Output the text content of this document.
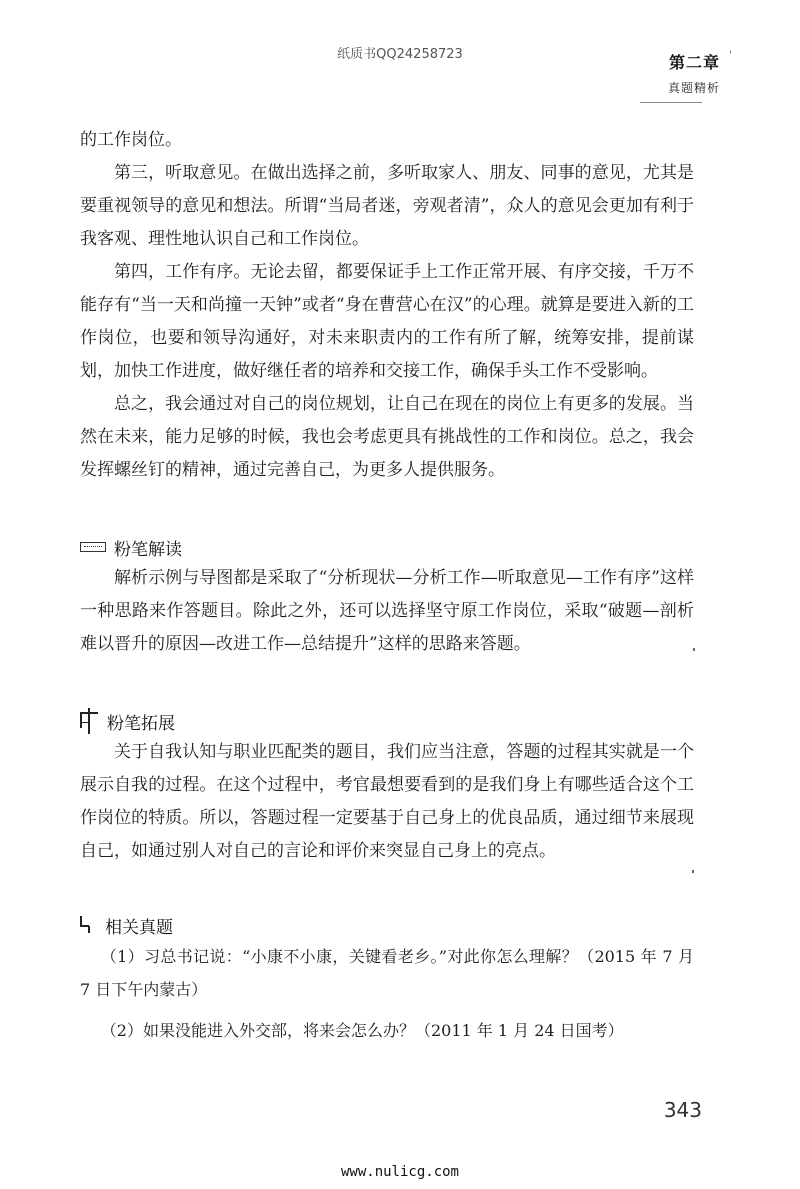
纸质书QQ24258723	第二章 '
真题精析

的工作岗位。

第三，听取意见。在做出选择之前，多听取家人、朋友、同事的意见，尤其是要重视领导的意见和想法。所谓“当局者迷，旁观者清”，众人的意见会更加有利于我客观、理性地认识自己和工作岗位。

第四，工作有序。无论去留，都要保证手上工作正常开展、有序交接，千万不能存有“当一天和尚撞一天钟”或者“身在曹营心在汉”的心理。就算是要进入新的工作岗位，也要和领导沟通好，对未来职责内的工作有所了解，统筹安排，提前谋划，加快工作进度，做好继任者的培养和交接工作，确保手头工作不受影响。

总之，我会通过对自己的岗位规划，让自己在现在的岗位上有更多的发展。当然在未来，能力足够的时候，我也会考虑更具有挑战性的工作和岗位。总之，我会发挥螺丝钉的精神，通过完善自己，为更多人提供服务。

粉笔解读

解析示例与导图都是采取了“分析现状—分析工作—听取意见—工作有序”这样一种思路来作答题目。除此之外，还可以选择坚守原工作岗位，采取“破题—剖析难以晋升的原因—改进工作—总结提升”这样的思路来答题。

粉笔拓展

关于自我认知与职业匹配类的题目，我们应当注意，答题的过程其实就是一个展示自我的过程。在这个过程中，考官最想要看到的是我们身上有哪些适合这个工作岗位的特质。所以，答题过程一定要基于自己身上的优良品质，通过细节来展现自己，如通过别人对自己的言论和评价来突显自己身上的亮点。

相关真题

（1）习总书记说：“小康不小康，关键看老乡。”对此你怎么理解？（2015 年 7 月 7 日下午内蒙古）

（2）如果没能进入外交部，将来会怎么办？（2011 年 1 月 24 日国考）

343
www.nulicg.com
